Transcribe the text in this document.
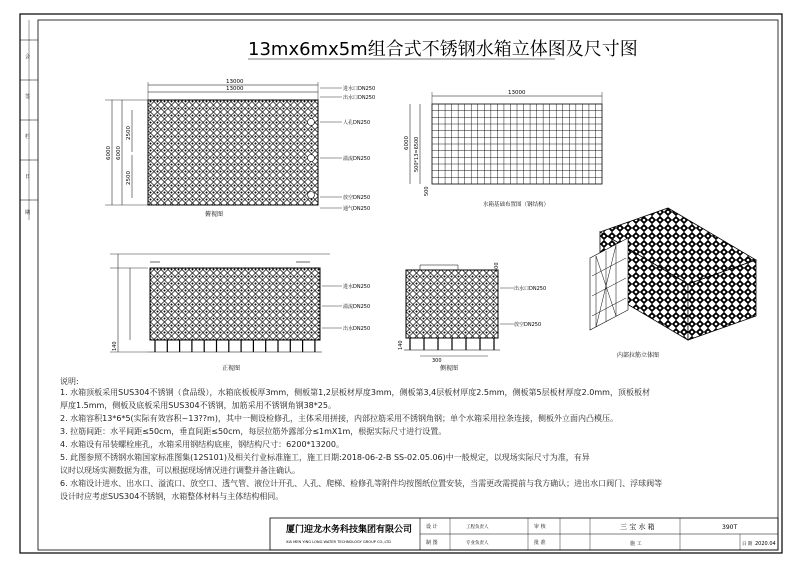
会
签
栏
日
期
13mx6mx5m组合式不锈钢水箱立体图及尺寸图
13000
13000
6000 6000
2500
2500
进水口DN250
出水口DN250
人孔DN250
溢流DN250
放空DN250
通气DN250
俯视图
13000
6000 500*13=6500
500
水箱基础布置图（钢结构）
进水DN250
溢流DN250
出水DN250
140
正视图
出水口DN250
放空DN250
300
400
140
侧视图
内部拉筋立体图
厦门迎龙水务科技集团有限公司
XIA MEN YING LONG WATER TECHNOLOGY GROUP CO.,LTD
设 计
制 图
工程负责人
专业负责人
审 核
批 准
三 宝 水 箱
施 工
390T
日 期 2020.04
说明:
1. 水箱顶板采用SUS304不锈钢（食品级），水箱底板板厚3mm，侧板第1,2层板材厚度3mm，侧板第3,4层板材厚度2.5mm，侧板第5层板材厚度2.0mm，顶板板材
厚度1.5mm，侧板及底板采用SUS304不锈钢，加筋采用不锈钢角钢38*25。
2. 水箱容积13*6*5(实际有效容积~13??m)，其中一侧设检修孔，主体采用拼接，内部拉筋采用不锈钢角钢；单个水箱采用拉条连接，侧板外立面内凸模压。
3. 拉筋间距：水平间距≤50cm，垂直间距≤50cm，每层拉筋外露部分≤1mX1m，根据实际尺寸进行设置。
4. 水箱设有吊装螺栓座孔，水箱采用钢结构底座，钢结构尺寸：6200*13200。
5. 此图参照不锈钢水箱国家标准图集(12S101)及相关行业标准施工，施工日期:2018-06-2-B SS-02.05.06)中一般规定，以现场实际尺寸为准，有异
议时以现场实测数据为准，可以根据现场情况进行调整并备注确认。
6. 水箱设计进水、出水口、溢流口、放空口、透气管、液位计开孔、人孔、爬梯、检修孔等附件均按图纸位置安装，当需更改需提前与我方确认；进出水口阀门、浮球阀等
设计时应考虑SUS304不锈钢，水箱整体材料与主体结构相同。
